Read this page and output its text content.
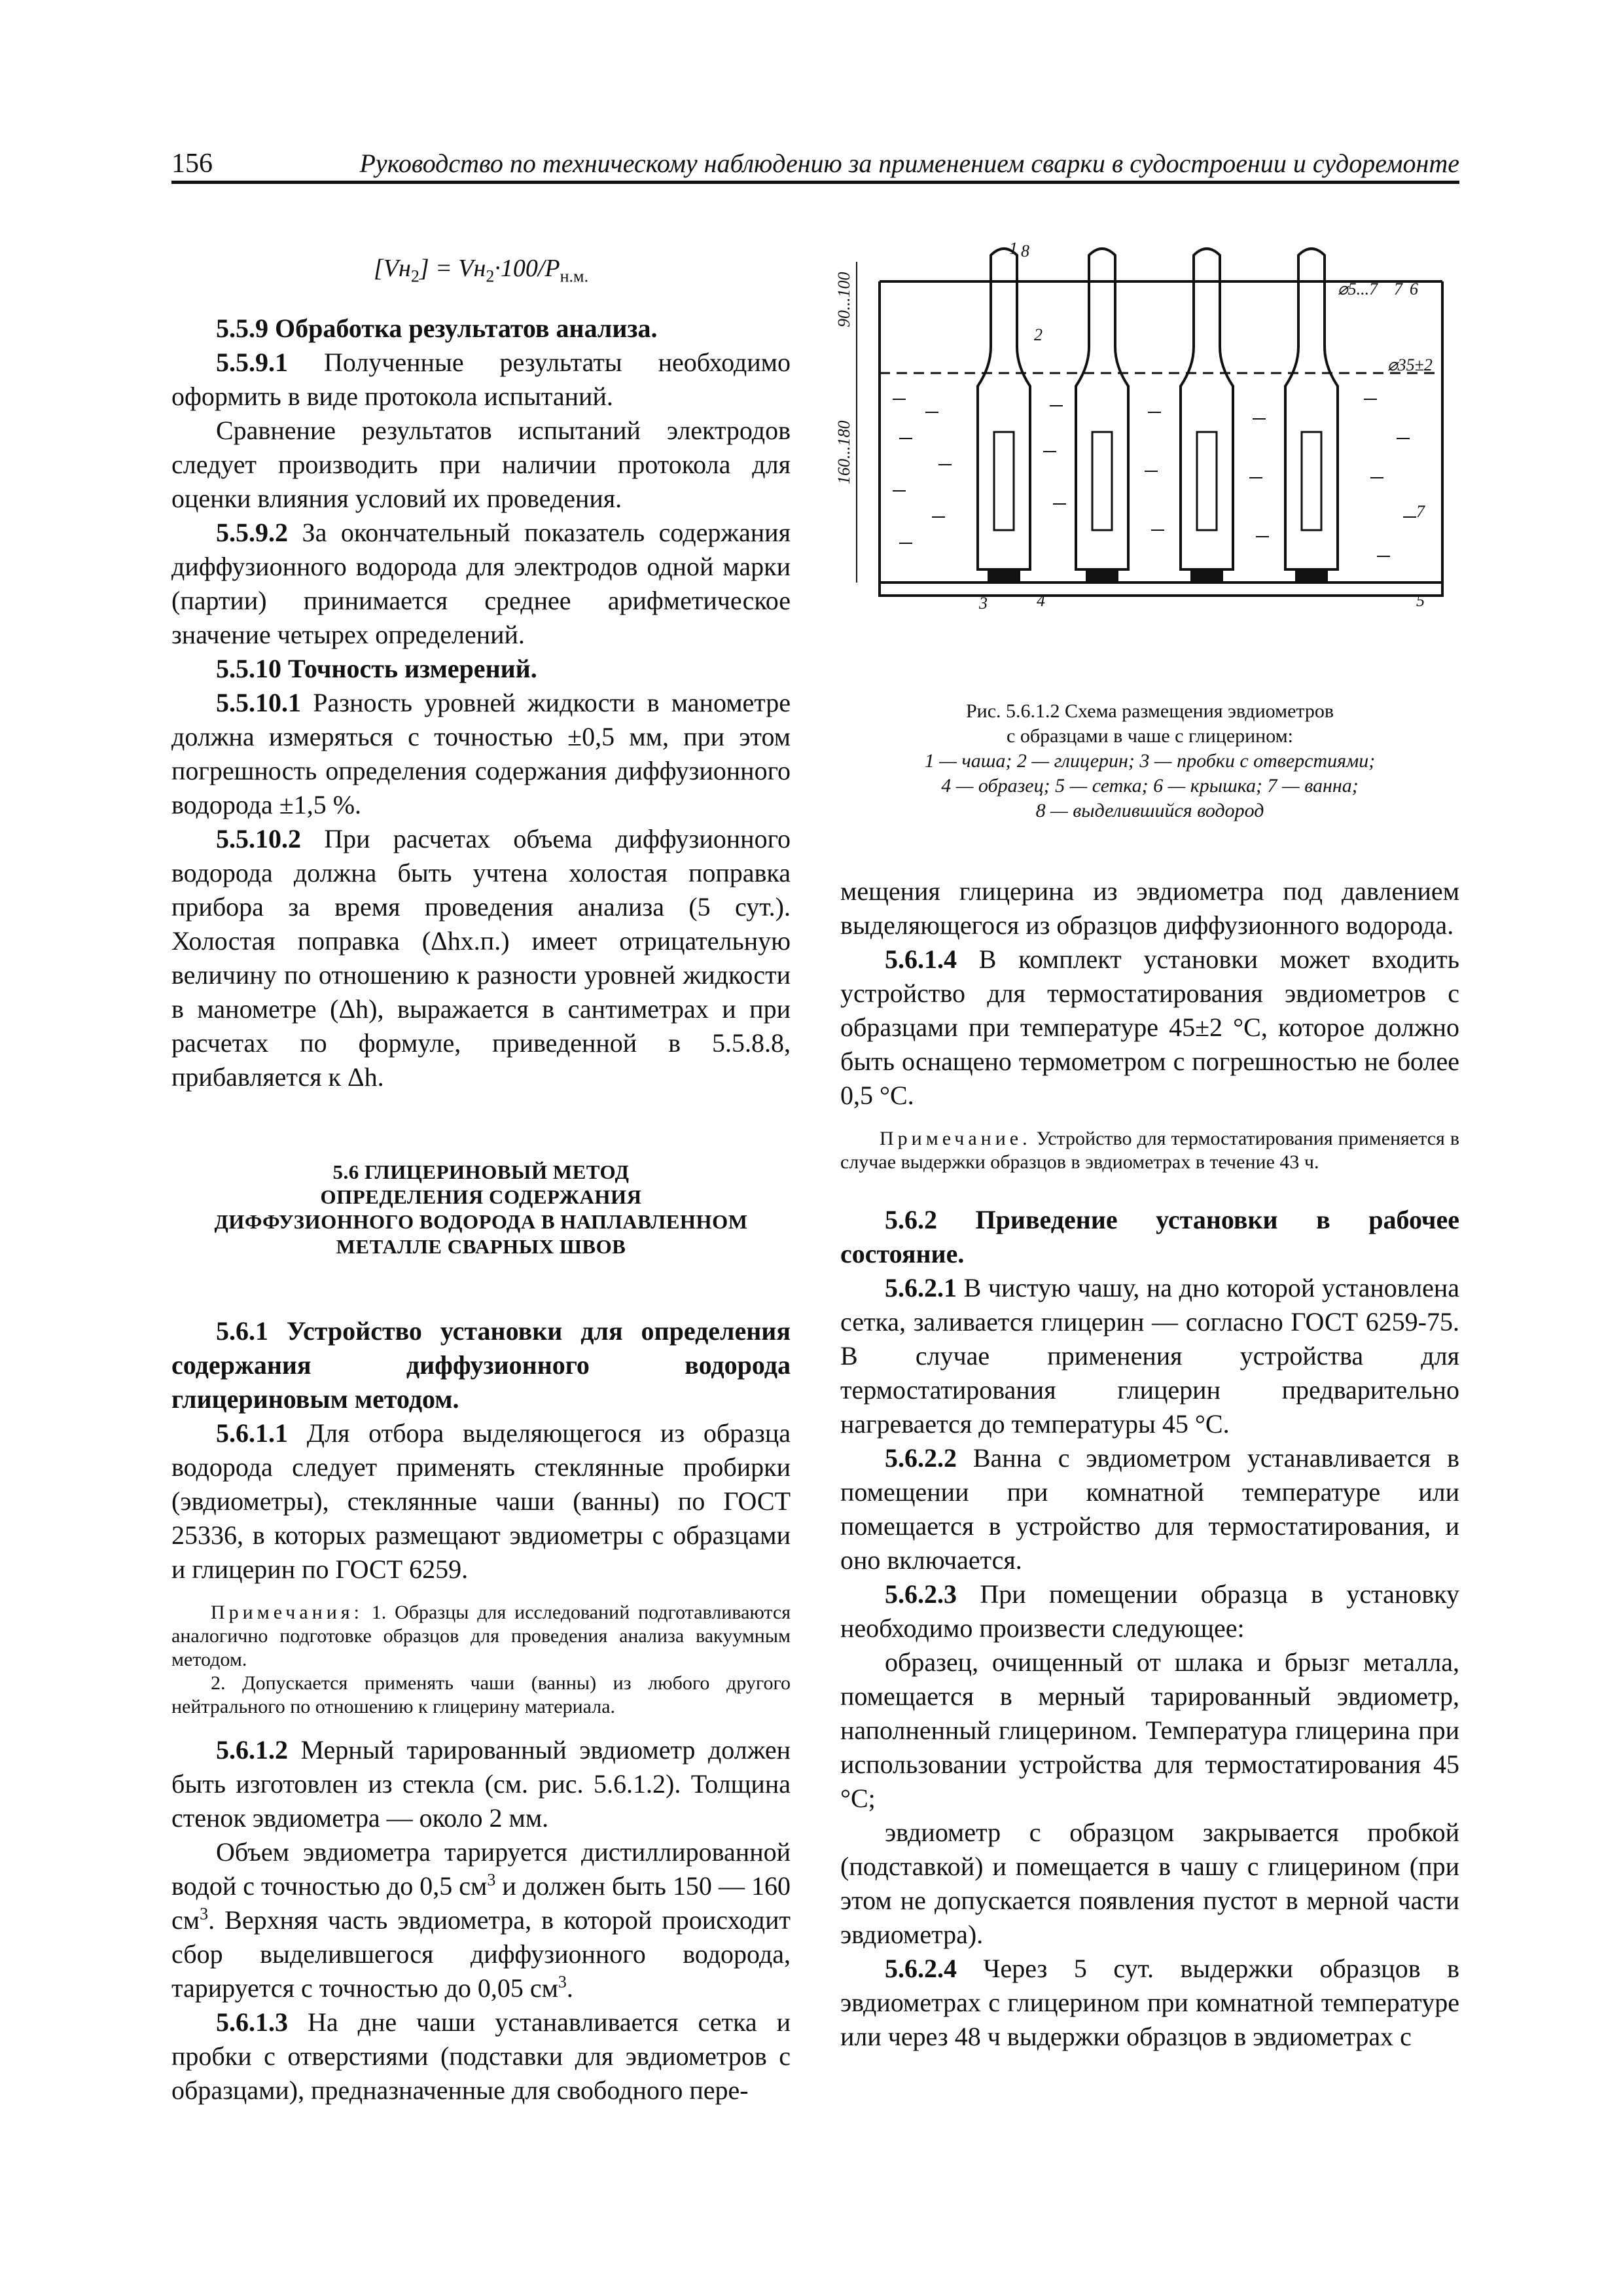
156	Руководство по техническому наблюдению за применением сварки в судостроении и судоремонте

$[Vн_2] = Vн_2\cdot 100/P_{н.м.}$

5.5.9 Обработка результатов анализа.

5.5.9.1 Полученные результаты необходимо оформить в виде протокола испытаний.

Сравнение результатов испытаний электродов следует производить при наличии протокола для оценки влияния условий их проведения.

5.5.9.2 За окончательный показатель содержания диффузионного водорода для электродов одной марки (партии) принимается среднее арифметическое значение четырех определений.

5.5.10 Точность измерений.

5.5.10.1 Разность уровней жидкости в манометре должна измеряться с точностью ±0,5 мм, при этом погрешность определения содержания диффузионного водорода ±1,5 %.

5.5.10.2 При расчетах объема диффузионного водорода должна быть учтена холостая поправка прибора за время проведения анализа (5 сут.). Холостая поправка (Δhх.п.) имеет отрицательную величину по отношению к разности уровней жидкости в манометре (Δh), выражается в сантиметрах и при расчетах по формуле, приведенной в 5.5.8.8, прибавляется к Δh.

5.6 ГЛИЦЕРИНОВЫЙ МЕТОД
ОПРЕДЕЛЕНИЯ СОДЕРЖАНИЯ
ДИФФУЗИОННОГО ВОДОРОДА В НАПЛАВЛЕННОМ
МЕТАЛЛЕ СВАРНЫХ ШВОВ

5.6.1 Устройство установки для определения содержания диффузионного водорода глицериновым методом.

5.6.1.1 Для отбора выделяющегося из образца водорода следует применять стеклянные пробирки (эвдиометры), стеклянные чаши (ванны) по ГОСТ 25336, в которых размещают эвдиометры с образцами и глицерин по ГОСТ 6259.

Примечания: 1. Образцы для исследований подготавливаются аналогично подготовке образцов для проведения анализа вакуумным методом.

2. Допускается применять чаши (ванны) из любого другого нейтрального по отношению к глицерину материала.

5.6.1.2 Мерный тарированный эвдиометр должен быть изготовлен из стекла (см. рис. 5.6.1.2). Толщина стенок эвдиометра — около 2 мм.

Объем эвдиометра тарируется дистиллированной водой с точностью до 0,5 $см^3$ и должен быть 150 — 160 $см^3$. Верхняя часть эвдиометра, в которой происходит сбор выделившегося диффузионного водорода, тарируется с точностью до 0,05 $см^3$.

5.6.1.3 На дне чаши устанавливается сетка и пробки с отверстиями (подставки для эвдиометров с образцами), предназначенные для свободного пере-

90...100
160...180
8
1
2
3	4	5
6
7
7
⌀5...7
⌀35±2
Рис. 5.6.1.2 Схема размещения эвдиометров
с образцами в чаше с глицерином:
1 — чаша; 2 — глицерин; 3 — пробки с отверстиями;
4 — образец; 5 — сетка; 6 — крышка; 7 — ванна;
8 — выделившийся водород

мещения глицерина из эвдиометра под давлением выделяющегося из образцов диффузионного водорода.

5.6.1.4 В комплект установки может входить устройство для термостатирования эвдиометров с образцами при температуре 45±2 °С, которое должно быть оснащено термометром с погрешностью не более 0,5 °С.

Примечание. Устройство для термостатирования применяется в случае выдержки образцов в эвдиометрах в течение 43 ч.

5.6.2 Приведение установки в рабочее состояние.

5.6.2.1 В чистую чашу, на дно которой установлена сетка, заливается глицерин — согласно ГОСТ 6259-75. В случае применения устройства для термостатирования глицерин предварительно нагревается до температуры 45 °С.

5.6.2.2 Ванна с эвдиометром устанавливается в помещении при комнатной температуре или помещается в устройство для термостатирования, и оно включается.

5.6.2.3 При помещении образца в установку необходимо произвести следующее:

образец, очищенный от шлака и брызг металла, помещается в мерный тарированный эвдиометр, наполненный глицерином. Температура глицерина при использовании устройства для термостатирования 45 °С;

эвдиометр с образцом закрывается пробкой (подставкой) и помещается в чашу с глицерином (при этом не допускается появления пустот в мерной части эвдиометра).

5.6.2.4 Через 5 сут. выдержки образцов в эвдиометрах с глицерином при комнатной температуре или через 48 ч выдержки образцов в эвдиометрах с
